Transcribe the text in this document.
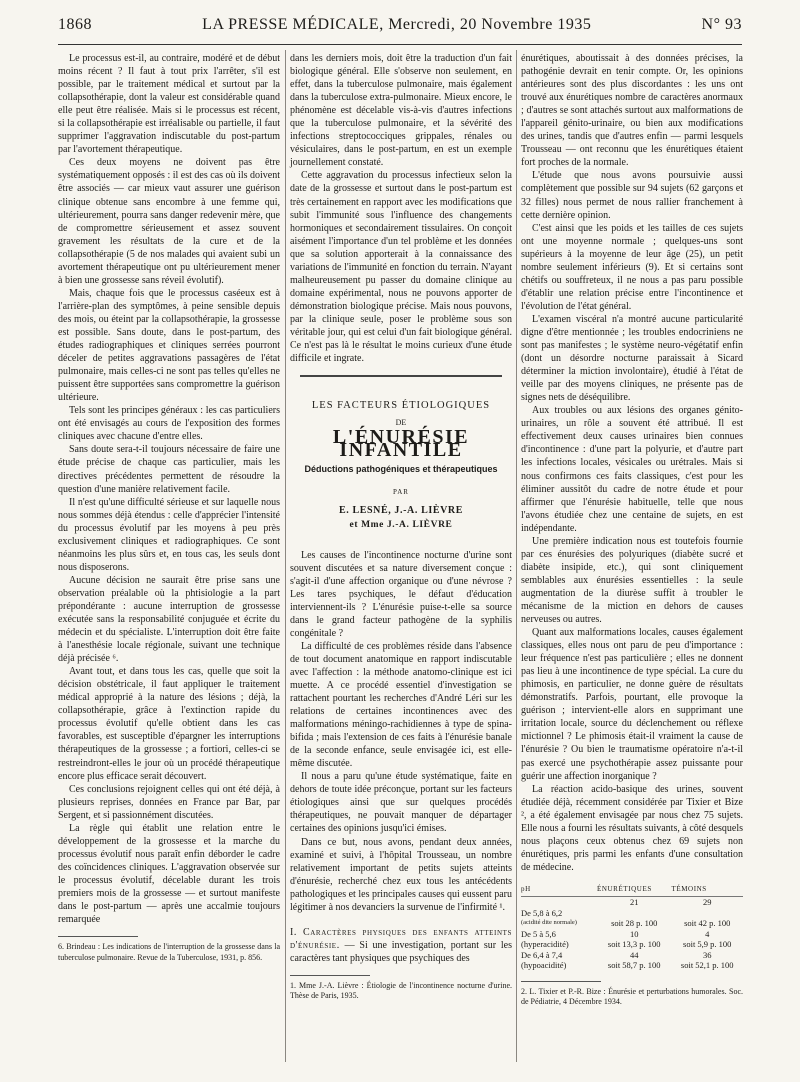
1868	LA PRESSE MÉDICALE, Mercredi, 20 Novembre 1935	N° 93

Le processus est-il, au contraire, modéré et de début moins récent ? Il faut à tout prix l'arrêter, s'il est possible, par le traitement médical et surtout par la collapsothérapie, dont la valeur est considérable quand elle peut être réalisée. Mais si le processus est récent, si la collapsothérapie est irréalisable ou partielle, il faut supprimer l'aggravation indiscutable du post-partum par l'avortement thérapeutique.

Ces deux moyens ne doivent pas être systématiquement opposés : il est des cas où ils doivent être associés — car mieux vaut assurer une guérison clinique obtenue sans encombre à une femme qui, ultérieurement, pourra sans danger redevenir mère, que de compromettre sérieusement et assez souvent gravement les résultats de la cure et de la collapsothérapie (5 de nos malades qui avaient subi un avortement thérapeutique ont pu ultérieurement mener à bien une grossesse sans réveil évolutif).

Mais, chaque fois que le processus caséeux est à l'arrière-plan des symptômes, à peine sensible depuis des mois, ou éteint par la collapsothérapie, la grossesse est possible. Sans doute, dans le post-partum, des études radiographiques et cliniques serrées pourront déceler de petites aggravations passagères de l'état pulmonaire, mais celles-ci ne sont pas telles qu'elles ne puissent être supportées sans compromettre la guérison ultérieure.

Tels sont les principes généraux : les cas particuliers ont été envisagés au cours de l'exposition des formes cliniques avec chacune d'entre elles.

Sans doute sera-t-il toujours nécessaire de faire une étude précise de chaque cas particulier, mais les directives précédentes permettent de résoudre la question d'une manière relativement facile.

Il n'est qu'une difficulté sérieuse et sur laquelle nous nous sommes déjà étendus : celle d'apprécier l'intensité du processus évolutif par les moyens à peu près exclusivement cliniques et radiographiques. Ce sont néanmoins les plus sûrs et, en tous cas, les seuls dont nous disposerons.

Aucune décision ne saurait être prise sans une observation préalable où la phtisiologie a la part prépondérante : aucune interruption de grossesse exécutée sans la responsabilité conjuguée et écrite du médecin et du spécialiste. L'interruption doit être faite à l'anesthésie locale régionale, suivant une technique déjà précisée ⁶.

Avant tout, et dans tous les cas, quelle que soit la décision obstétricale, il faut appliquer le traitement médical approprié à la nature des lésions ; déjà, la collapsothérapie, grâce à l'extinction rapide du processus évolutif qu'elle obtient dans les cas favorables, est susceptible d'épargner les interruptions thérapeutiques de la grossesse ; a fortiori, celles-ci se restreindront-elles le jour où un procédé thérapeutique encore plus efficace serait découvert.

Ces conclusions rejoignent celles qui ont été déjà, à plusieurs reprises, données en France par Bar, par Sergent, et si passionnément discutées.

La règle qui établit une relation entre le développement de la grossesse et la marche du processus évolutif nous paraît enfin déborder le cadre des coïncidences cliniques. L'aggravation observée sur le processus évolutif, décelable durant les trois premiers mois de la grossesse — et surtout manifeste dans le post-partum — après une accalmie toujours remarquée

6. Brindeau : Les indications de l'interruption de la grossesse dans la tuberculose pulmonaire. Revue de la Tuberculose, 1931, p. 856.

dans les derniers mois, doit être la traduction d'un fait biologique général. Elle s'observe non seulement, en effet, dans la tuberculose pulmonaire, mais également dans la tuberculose extra-pulmonaire. Mieux encore, le phénomène est décelable vis-à-vis d'autres infections que la tuberculose pulmonaire, et la sévérité des infections streptococciques grippales, rénales ou vésiculaires, dans le post-partum, en est un exemple journellement constaté.

Cette aggravation du processus infectieux selon la date de la grossesse et surtout dans le post-partum est très certainement en rapport avec les modifications que subit l'immunité sous l'influence des changements hormoniques et secondairement tissulaires. On conçoit aisément l'importance d'un tel problème et les données que sa solution apporterait à la connaissance des variations de l'immunité en fonction du terrain. N'ayant malheureusement pu passer du domaine clinique au domaine expérimental, nous ne pouvons apporter de démonstration biologique précise. Mais nous pouvons, par la clinique seule, poser le problème sous son véritable jour, qui est celui d'un fait biologique général. Ce n'est pas là le résultat le moins curieux d'une étude difficile et ingrate.

LES FACTEURS ÉTIOLOGIQUES
DE
L'ÉNURÉSIE INFANTILE
Déductions pathogéniques et thérapeutiques
PAR
E. LESNÉ, J.-A. LIÈVRE
et Mme J.-A. LIÈVRE

Les causes de l'incontinence nocturne d'urine sont souvent discutées et sa nature diversement conçue : s'agit-il d'une affection organique ou d'une névrose ? Les tares psychiques, le défaut d'éducation interviennent-ils ? L'énurésie puise-t-elle sa source dans le grand facteur pathogène de la syphilis congénitale ?

La difficulté de ces problèmes réside dans l'absence de tout document anatomique en rapport indiscutable avec l'affection : la méthode anatomo-clinique est ici muette. A ce procédé essentiel d'investigation se rattachent pourtant les recherches d'André Léri sur les relations de certaines incontinences avec des malformations méningo-rachidiennes à type de spina-bifida ; mais l'extension de ces faits à l'énurésie banale de la seconde enfance, seule envisagée ici, est elle-même discutée.

Il nous a paru qu'une étude systématique, faite en dehors de toute idée préconçue, portant sur les facteurs étiologiques ainsi que sur quelques procédés thérapeutiques, ne pouvait manquer de départager certaines des opinions jusqu'ici émises.

Dans ce but, nous avons, pendant deux années, examiné et suivi, à l'hôpital Trousseau, un nombre relativement important de petits sujets atteints d'énurésie, recherché chez eux tous les antécédents pathologiques et les principales causes qui eussent paru légitimer à nos devanciers la survenue de l'infirmité ¹.

I. Caractères physiques des enfants atteints d'énurésie. — Si une investigation, portant sur les caractères tant physiques que psychiques des

1. Mme J.-A. Lièvre : Étiologie de l'incontinence nocturne d'urine. Thèse de Paris, 1935.

énurétiques, aboutissait à des données précises, la pathogénie devrait en tenir compte. Or, les opinions antérieures sont des plus discordantes : les uns ont trouvé aux énurétiques nombre de caractères anormaux ; d'autres se sont attachés surtout aux malformations de l'appareil génito-urinaire, ou bien aux modifications des urines, tandis que d'autres enfin — parmi lesquels Trousseau — ont reconnu que les énurétiques étaient fort proches de la normale.

L'étude que nous avons poursuivie aussi complètement que possible sur 94 sujets (62 garçons et 32 filles) nous permet de nous rallier franchement à cette dernière opinion.

C'est ainsi que les poids et les tailles de ces sujets ont une moyenne normale ; quelques-uns sont supérieurs à la moyenne de leur âge (25), un petit nombre seulement inférieurs (9). Et si certains sont chétifs ou souffreteux, il ne nous a pas paru possible d'établir une relation précise entre l'incontinence et l'évolution de l'état général.

L'examen viscéral n'a montré aucune particularité digne d'être mentionnée ; les troubles endocriniens ne sont pas manifestes ; le système neuro-végétatif enfin (dont un désordre nocturne paraissait à Sicard déterminer la miction involontaire), étudié à l'état de veille par des moyens cliniques, ne présente pas de signes nets de déséquilibre.

Aux troubles ou aux lésions des organes génito-urinaires, un rôle a souvent été attribué. Il est effectivement deux causes urinaires bien connues d'incontinence : d'une part la polyurie, et d'autre part les infections locales, vésicales ou urétrales. Mais si nous confirmons ces faits classiques, c'est pour les éliminer aussitôt du cadre de notre étude et pour affirmer que l'énurésie habituelle, telle que nous l'avons étudiée chez une centaine de sujets, en est indépendante.

Une première indication nous est toutefois fournie par ces énurésies des polyuriques (diabète sucré et diabète insipide, etc.), qui sont cliniquement semblables aux énurésies essentielles : la seule augmentation de la diurèse suffit à troubler le mécanisme de la miction en dehors de causes nerveuses ou autres.

Quant aux malformations locales, causes également classiques, elles nous ont paru de peu d'importance : leur fréquence n'est pas particulière ; elles ne donnent pas lieu à une incontinence de type spécial. La cure du phimosis, en particulier, ne donne guère de résultats démonstratifs. Parfois, pourtant, elle provoque la guérison ; intervient-elle alors en supprimant une irritation locale, source du déclenchement ou réflexe mictionnel ? Le phimosis était-il vraiment la cause de l'énurésie ? Ou bien le traumatisme opératoire n'a-t-il pas exercé une psychothérapie assez puissante pour guérir une affection inorganique ?

La réaction acido-basique des urines, souvent étudiée déjà, récemment considérée par Tixier et Bize ², a été également envisagée par nous chez 75 sujets. Elle nous a fourni les résultats suivants, à côté desquels nous plaçons ceux obtenus chez 69 sujets non énurétiques, pris parmi les enfants d'une consultation de médecine.

pH	ÉNURÉTIQUES	TÉMOINS
	21	29
De 5,8 à 6,2		
(acidité dite normale)	soit 28 p. 100	soit 42 p. 100
De 5 à 5,6	10	4
(hyperacidité)	soit 13,3 p. 100	soit 5,9 p. 100
De 6,4 à 7,4	44	36
(hypoacidité)	soit 58,7 p. 100	soit 52,1 p. 100

2. L. Tixier et P.-R. Bize : Énurésie et perturbations humorales. Soc. de Pédiatrie, 4 Décembre 1934.
